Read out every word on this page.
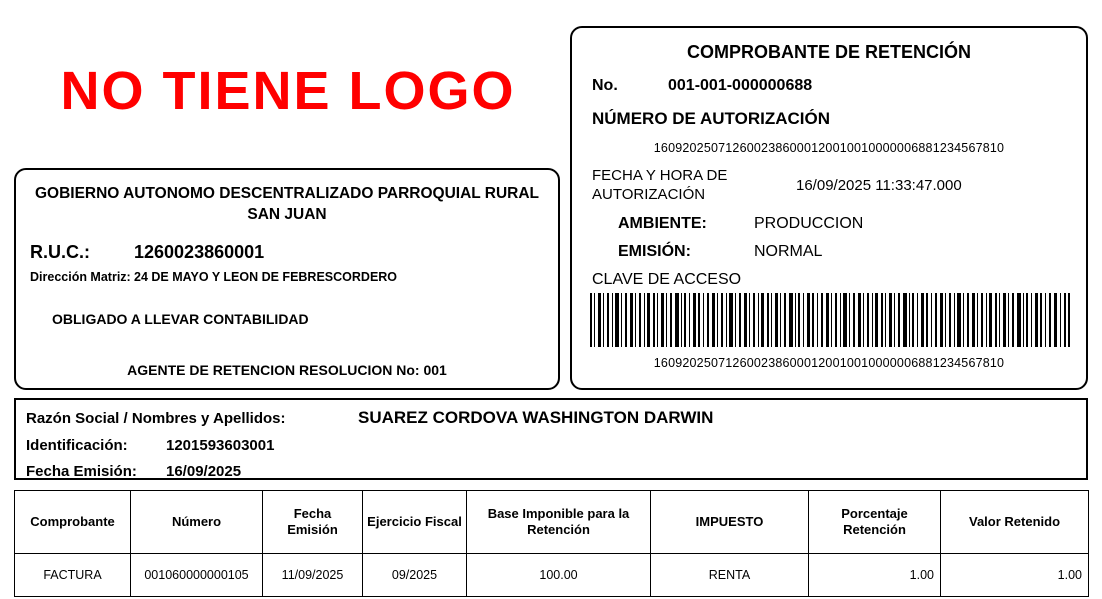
NO TIENE LOGO
GOBIERNO AUTONOMO DESCENTRALIZADO PARROQUIAL RURAL SAN JUAN
R.U.C.:	1260023860001
Dirección Matriz: 24 DE MAYO Y LEON DE FEBRESCORDERO
OBLIGADO A LLEVAR CONTABILIDAD
AGENTE DE RETENCION RESOLUCION No: 001
COMPROBANTE DE RETENCIÓN
No.	001-001-000000688
NÚMERO DE AUTORIZACIÓN
1609202507126002386000120010010000006881234567810
FECHA Y HORA DE AUTORIZACIÓN	16/09/2025 11:33:47.000
AMBIENTE:	PRODUCCION
EMISIÓN:	NORMAL
CLAVE DE ACCESO
1609202507126002386000120010010000006881234567810
Razón Social / Nombres y Apellidos:	SUAREZ CORDOVA WASHINGTON DARWIN
Identificación:	1201593603001
Fecha Emisión:	16/09/2025
Comprobante	Número	Fecha Emisión	Ejercicio Fiscal	Base Imponible para la Retención	IMPUESTO	Porcentaje Retención	Valor Retenido
FACTURA	001060000000105	11/09/2025	09/2025	100.00	RENTA	1.00	1.00
